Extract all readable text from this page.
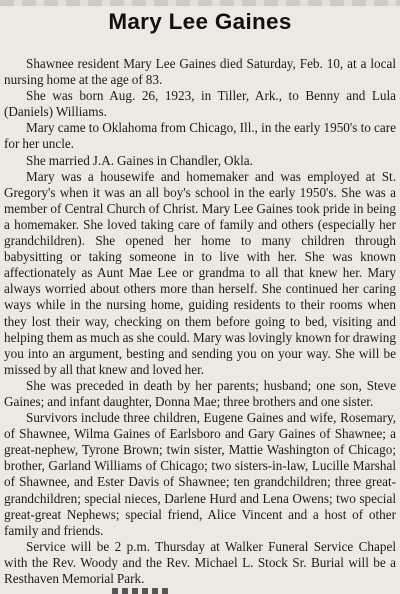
Mary Lee Gaines

Shawnee resident Mary Lee Gaines died Saturday, Feb. 10, at a local nursing home at the age of 83.

She was born Aug. 26, 1923, in Tiller, Ark., to Benny and Lula (Daniels) Williams.

Mary came to Oklahoma from Chicago, Ill., in the early 1950's to care for her uncle.

She married J.A. Gaines in Chandler, Okla.

Mary was a housewife and homemaker and was employed at St. Gregory's when it was an all boy's school in the early 1950's. She was a member of Central Church of Christ. Mary Lee Gaines took pride in being a homemaker. She loved taking care of family and others (especially her grandchildren). She opened her home to many children through babysitting or taking someone in to live with her. She was known affectionately as Aunt Mae Lee or grandma to all that knew her. Mary always worried about others more than herself. She continued her caring ways while in the nursing home, guiding residents to their rooms when they lost their way, checking on them before going to bed, visiting and helping them as much as she could. Mary was lovingly known for drawing you into an argument, besting and sending you on your way. She will be missed by all that knew and loved her.

She was preceded in death by her parents; husband; one son, Steve Gaines; and infant daughter, Donna Mae; three brothers and one sister.

Survivors include three children, Eugene Gaines and wife, Rosemary, of Shawnee, Wilma Gaines of Earlsboro and Gary Gaines of Shawnee; a great-nephew, Tyrone Brown; twin sister, Mattie Washington of Chicago; brother, Garland Williams of Chicago; two sisters-in-law, Lucille Marshal of Shawnee, and Ester Davis of Shawnee; ten grandchildren; three great-grandchildren; special nieces, Darlene Hurd and Lena Owens; two special great-great Nephews; special friend, Alice Vincent and a host of other family and friends.

Service will be 2 p.m. Thursday at Walker Funeral Service Chapel with the Rev. Woody and the Rev. Michael L. Stock Sr. Burial will be a Resthaven Memorial Park.
